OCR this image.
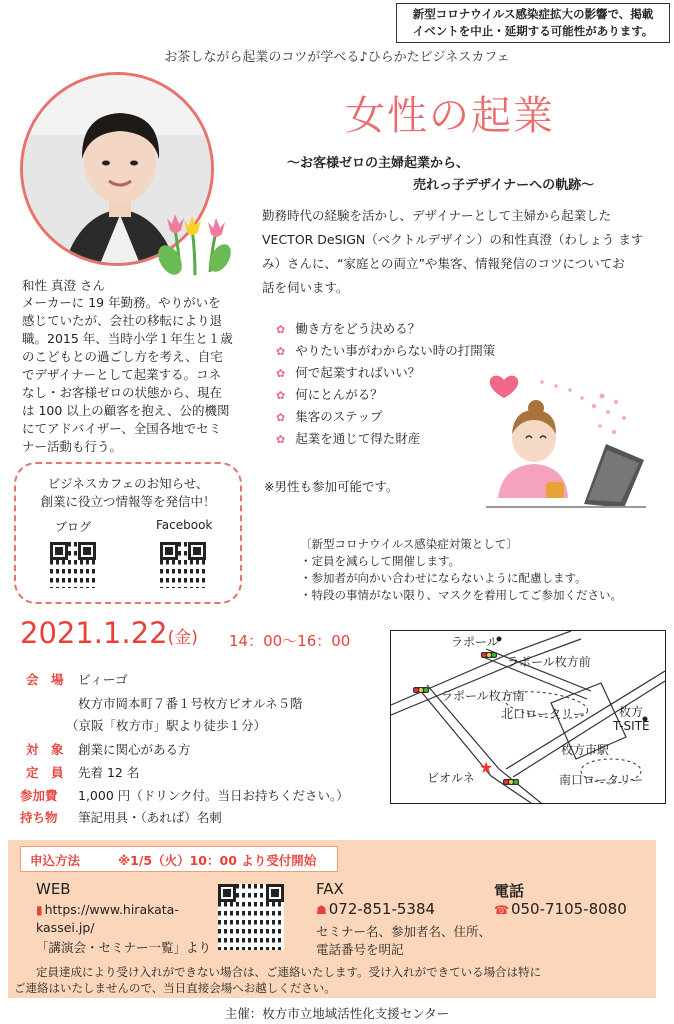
新型コロナウイルス感染症拡大の影響で、掲載
イベントを中止・延期する可能性があります。
お茶しながら起業のコツが学べる♪ひらかたビジネスカフェ
女性の起業
～お客様ゼロの主婦起業から、
売れっ子デザイナーへの軌跡～
勤務時代の経験を活かし、デザイナーとして主婦から起業した
VECTOR DeSIGN（ベクトルデザイン）の和性真澄（わしょう ます
み）さんに、“家庭との両立”や集客、情報発信のコツについてお
話を伺います。
和性 真澄 さん
メーカーに 19 年勤務。やりがいを
感じていたが、会社の移転により退
職。2015 年、当時小学１年生と１歳
のこどもとの過ごし方を考え、自宅
でデザイナーとして起業する。コネ
なし・お客様ゼロの状態から、現在
は 100 以上の顧客を抱え、公的機関
にてアドバイザー、全国各地でセミ
ナー活動も行う。
✿ 働き方をどう決める？
✿ やりたい事がわからない時の打開策
✿ 何で起業すればいい？
✿ 何にとんがる？
✿ 集客のステップ
✿ 起業を通じて得た財産
※男性も参加可能です。
ビジネスカフェのお知らせ、
創業に役立つ情報等を発信中！
ブログ	Facebook
〔新型コロナウイルス感染症対策として〕
・定員を減らして開催します。
・参加者が向かい合わせにならないように配慮します。
・特段の事情がない限り、マスクを着用してご参加ください。
2021.1.22(金) 14：00～16：00
会　場 ビィーゴ
枚方市岡本町７番１号枚方ビオルネ５階
（京阪「枚方市」駅より徒歩１分）
対　象 創業に関心がある方
定　員 先着 12 名
参加費 1,000 円（ドリンク付。当日お持ちください。）
持ち物 筆記用具・（あれば）名刺
★
ラポール
ラポール枚方前
ラポール枚方南
北口ロータリー	枚方
T-SITE
枚方市駅
ビオルネ	南口ロータリー
申込方法	※1/5（火）10：00 より受付開始
WEB
▮ https://www.hirakata-
kassei.jp/
「講演会・セミナー一覧」より
FAX
☗ 072-851-5384
セミナー名、参加者名、住所、
電話番号を明記
電話
☎ 050-7105-8080
定員達成により受け入れができない場合は、ご連絡いたします。受け入れができている場合は特に
ご連絡はいたしませんので、当日直接会場へお越しください。
主催：枚方市立地域活性化支援センター
